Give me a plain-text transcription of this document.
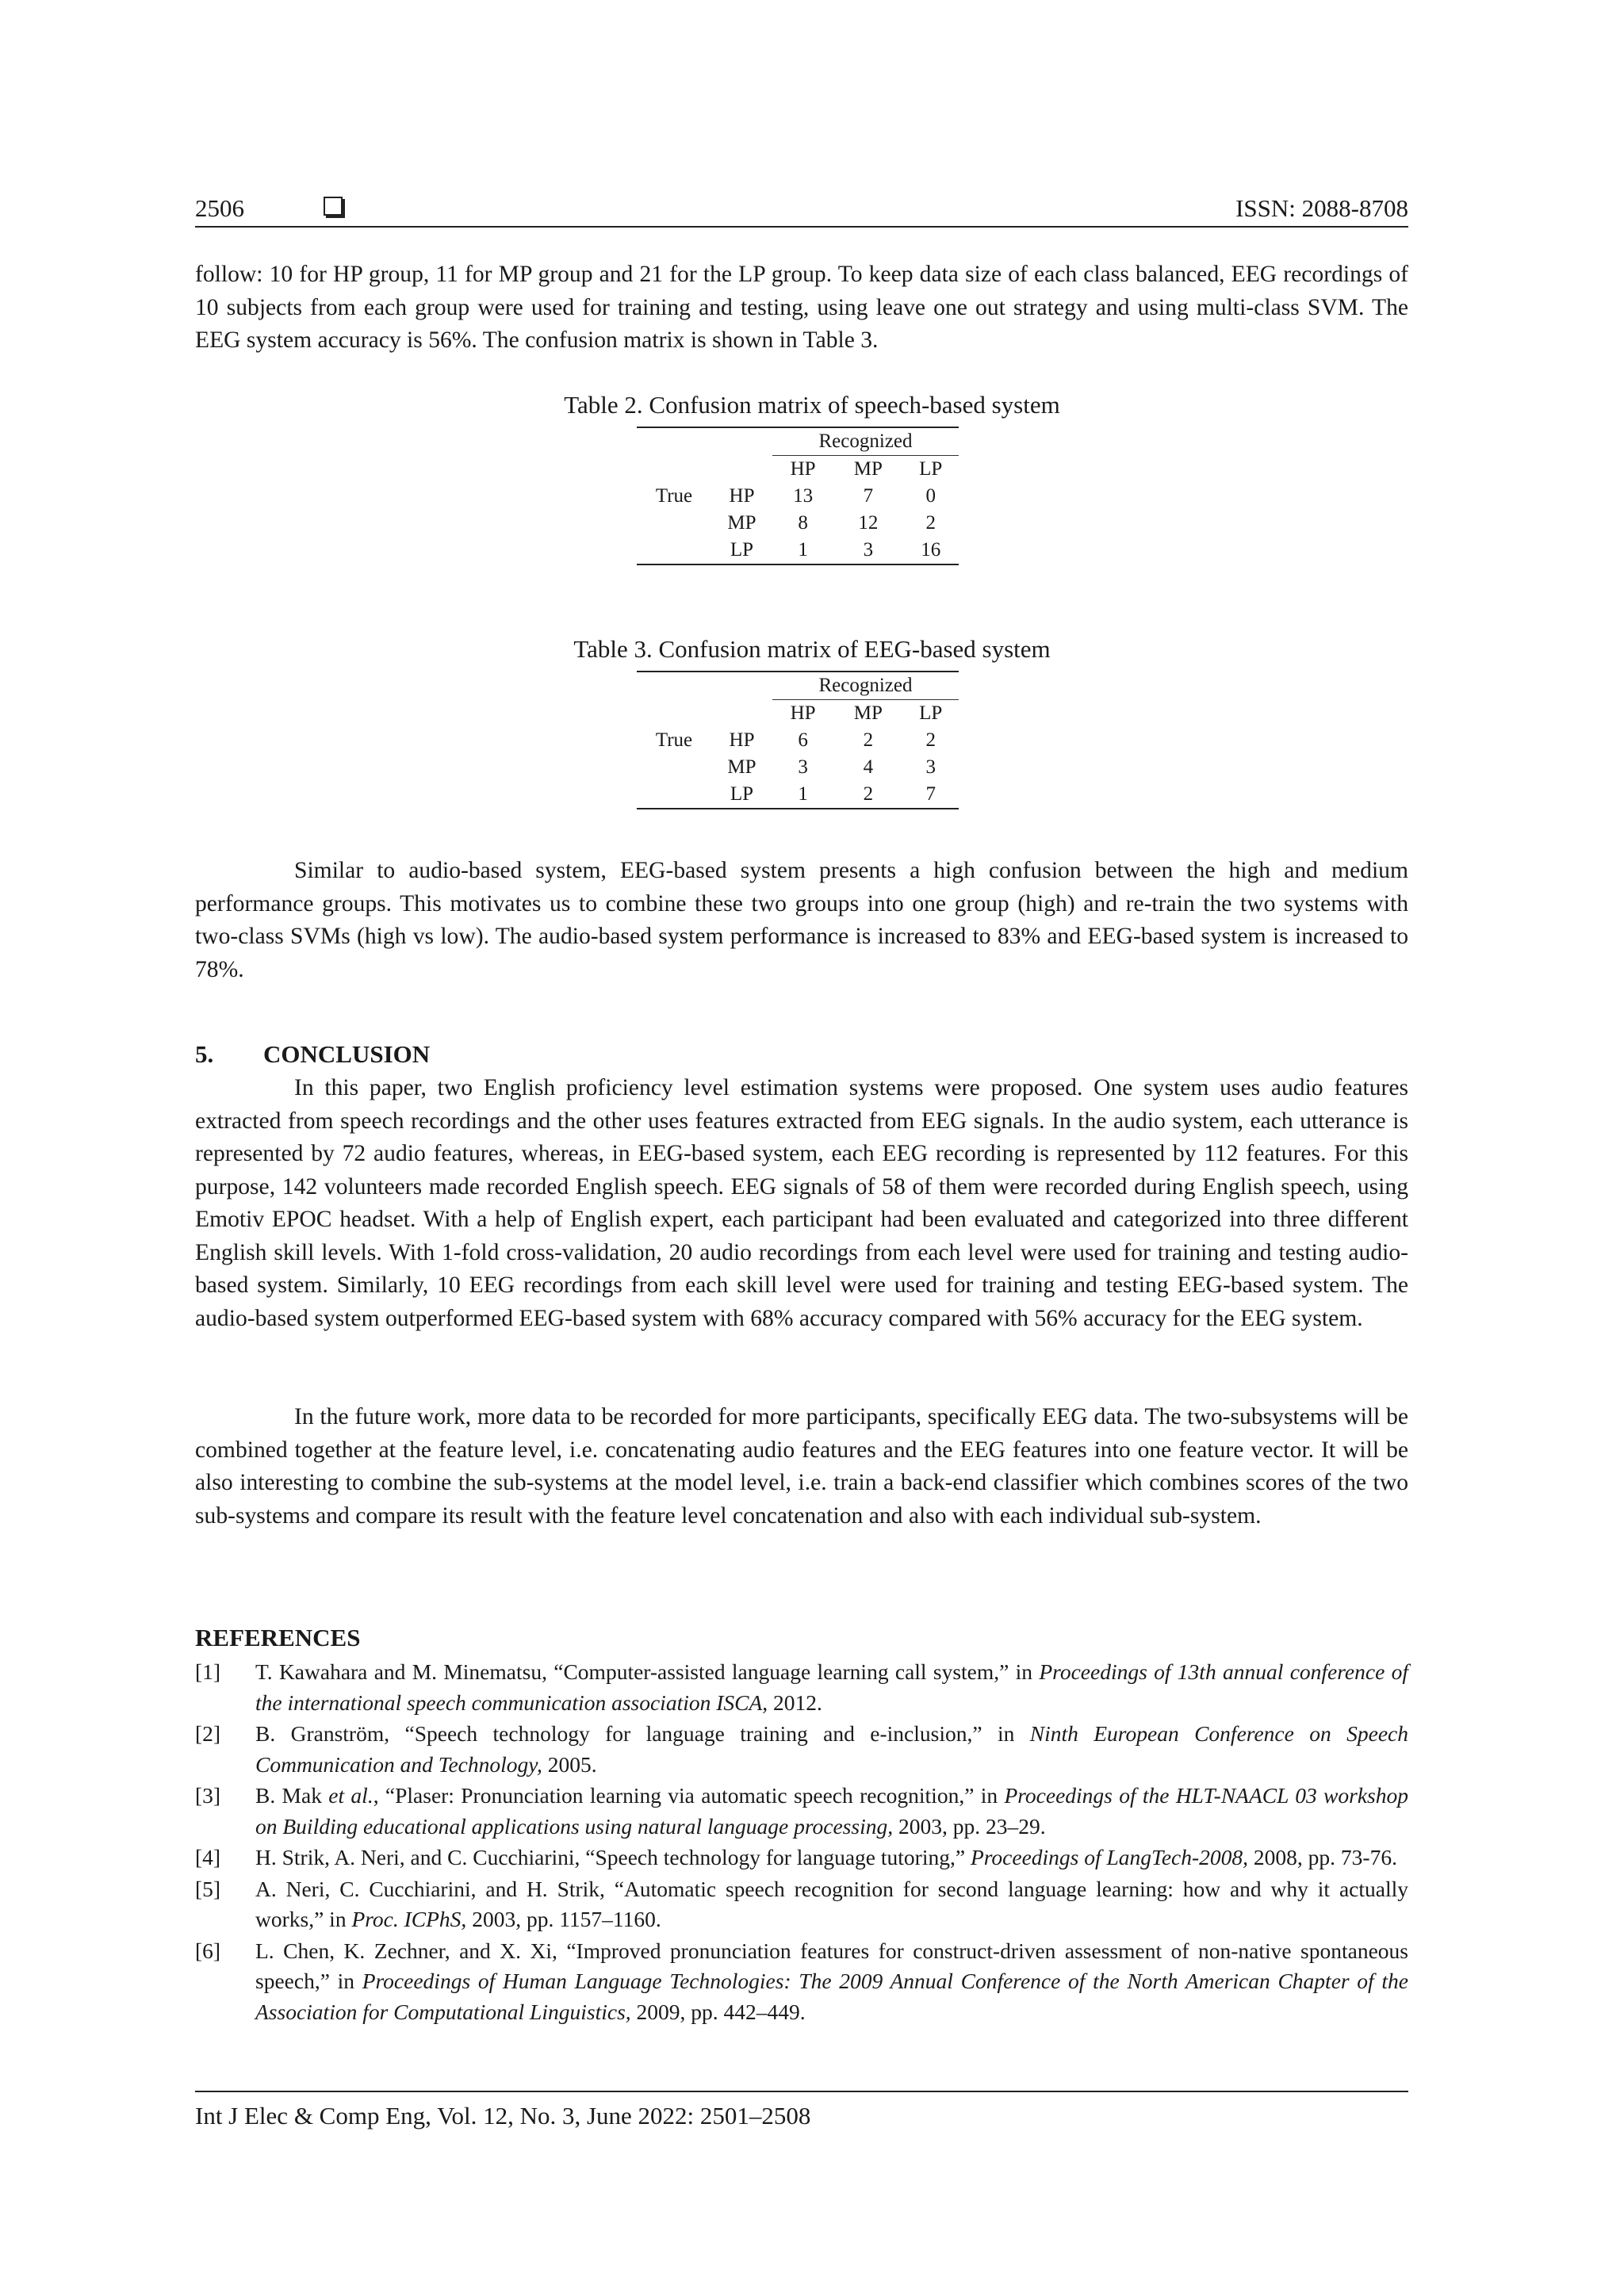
2506	ISSN: 2088-8708

follow: 10 for HP group, 11 for MP group and 21 for the LP group. To keep data size of each class balanced, EEG recordings of 10 subjects from each group were used for training and testing, using leave one out strategy and using multi-class SVM. The EEG system accuracy is 56%. The confusion matrix is shown in Table 3.

Table 2. Confusion matrix of speech-based system
		Recognized		
		HP	MP	LP
True	HP	13	7	0
	MP	8	12	2
	LP	1	3	16
Table 3. Confusion matrix of EEG-based system
		Recognized		
		HP	MP	LP
True	HP	6	2	2
	MP	3	4	3
	LP	1	2	7

Similar to audio-based system, EEG-based system presents a high confusion between the high and medium performance groups. This motivates us to combine these two groups into one group (high) and re-train the two systems with two-class SVMs (high vs low). The audio-based system performance is increased to 83% and EEG-based system is increased to 78%.

5. CONCLUSION

In this paper, two English proficiency level estimation systems were proposed. One system uses audio features extracted from speech recordings and the other uses features extracted from EEG signals. In the audio system, each utterance is represented by 72 audio features, whereas, in EEG-based system, each EEG recording is represented by 112 features. For this purpose, 142 volunteers made recorded English speech. EEG signals of 58 of them were recorded during English speech, using Emotiv EPOC headset. With a help of English expert, each participant had been evaluated and categorized into three different English skill levels. With 1-fold cross-validation, 20 audio recordings from each level were used for training and testing audio-based system. Similarly, 10 EEG recordings from each skill level were used for training and testing EEG-based system. The audio-based system outperformed EEG-based system with 68% accuracy compared with 56% accuracy for the EEG system.

In the future work, more data to be recorded for more participants, specifically EEG data. The two-subsystems will be combined together at the feature level, i.e. concatenating audio features and the EEG features into one feature vector. It will be also interesting to combine the sub-systems at the model level, i.e. train a back-end classifier which combines scores of the two sub-systems and compare its result with the feature level concatenation and also with each individual sub-system.

REFERENCES
[1] T. Kawahara and M. Minematsu, “Computer-assisted language learning call system,” in Proceedings of 13th annual conference of the international speech communication association ISCA, 2012.
[2] B. Granström, “Speech technology for language training and e-inclusion,” in Ninth European Conference on Speech Communication and Technology, 2005.
[3] B. Mak et al., “Plaser: Pronunciation learning via automatic speech recognition,” in Proceedings of the HLT-NAACL 03 workshop on Building educational applications using natural language processing, 2003, pp. 23–29.
[4] H. Strik, A. Neri, and C. Cucchiarini, “Speech technology for language tutoring,” Proceedings of LangTech-2008, 2008, pp. 73-76.
[5] A. Neri, C. Cucchiarini, and H. Strik, “Automatic speech recognition for second language learning: how and why it actually works,” in Proc. ICPhS, 2003, pp. 1157–1160.
[6] L. Chen, K. Zechner, and X. Xi, “Improved pronunciation features for construct-driven assessment of non-native spontaneous speech,” in Proceedings of Human Language Technologies: The 2009 Annual Conference of the North American Chapter of the Association for Computational Linguistics, 2009, pp. 442–449.
Int J Elec & Comp Eng, Vol. 12, No. 3, June 2022: 2501–2508
